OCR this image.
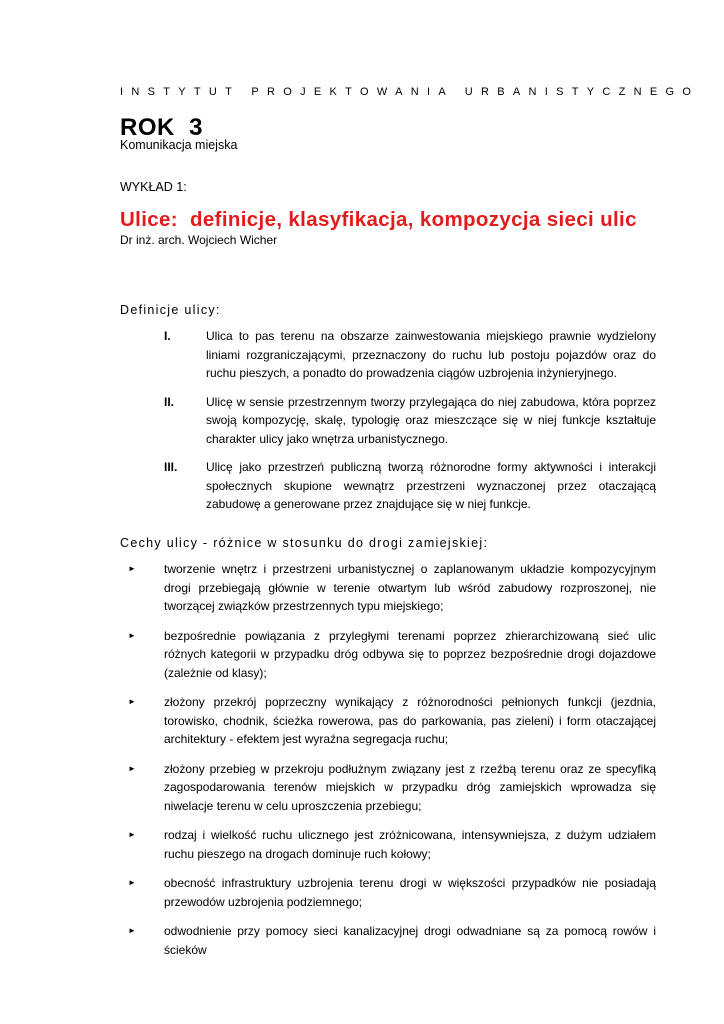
INSTYTUT PROJEKTOWANIA URBANISTYCZNEGO
ROK  3
Komunikacja miejska
WYKŁAD 1:
Ulice:  definicje, klasyfikacja, kompozycja sieci ulic
Dr inż. arch. Wojciech Wicher
Definicje ulicy:
I.	Ulica to pas terenu na obszarze zainwestowania miejskiego prawnie wydzielony liniami rozgraniczającymi, przeznaczony do ruchu lub postoju pojazdów oraz do ruchu pieszych, a ponadto do prowadzenia ciągów uzbrojenia inżynieryjnego.
II.	Ulicę w sensie przestrzennym tworzy przylegająca do niej zabudowa, która poprzez swoją kompozycję, skalę, typologię oraz mieszczące się w niej funkcje kształtuje charakter ulicy jako wnętrza urbanistycznego.
III. Ulicę jako przestrzeń publiczną tworzą różnorodne formy aktywności i interakcji społecznych skupione wewnątrz przestrzeni wyznaczonej przez otaczającą zabudowę a generowane przez znajdujące się w niej funkcje.
Cechy ulicy - różnice w stosunku do drogi zamiejskiej:
► tworzenie wnętrz i przestrzeni urbanistycznej o zaplanowanym układzie kompozycyjnym drogi przebiegają głównie w terenie otwartym lub wśród zabudowy rozproszonej, nie tworzącej związków przestrzennych typu miejskiego;
► bezpośrednie powiązania z przyległymi terenami poprzez zhierarchizowaną sieć ulic różnych kategorii w przypadku dróg odbywa się to poprzez bezpośrednie drogi dojazdowe (zależnie od klasy);
► złożony przekrój poprzeczny wynikający z różnorodności pełnionych funkcji (jezdnia, torowisko, chodnik, ścieżka rowerowa, pas do parkowania, pas zieleni) i form otaczającej architektury - efektem jest wyraźna segregacja ruchu;
► złożony przebieg w przekroju podłużnym związany jest z rzeźbą terenu oraz ze specyfiką zagospodarowania terenów miejskich w przypadku dróg zamiejskich wprowadza się niwelacje terenu w celu uproszczenia przebiegu;
► rodzaj i wielkość ruchu ulicznego jest zróżnicowana, intensywniejsza, z dużym udziałem ruchu pieszego na drogach dominuje ruch kołowy;
► obecność infrastruktury uzbrojenia terenu drogi w większości przypadków nie posiadają przewodów uzbrojenia podziemnego;
► odwodnienie przy pomocy sieci kanalizacyjnej drogi odwadniane są za pomocą rowów i ścieków
